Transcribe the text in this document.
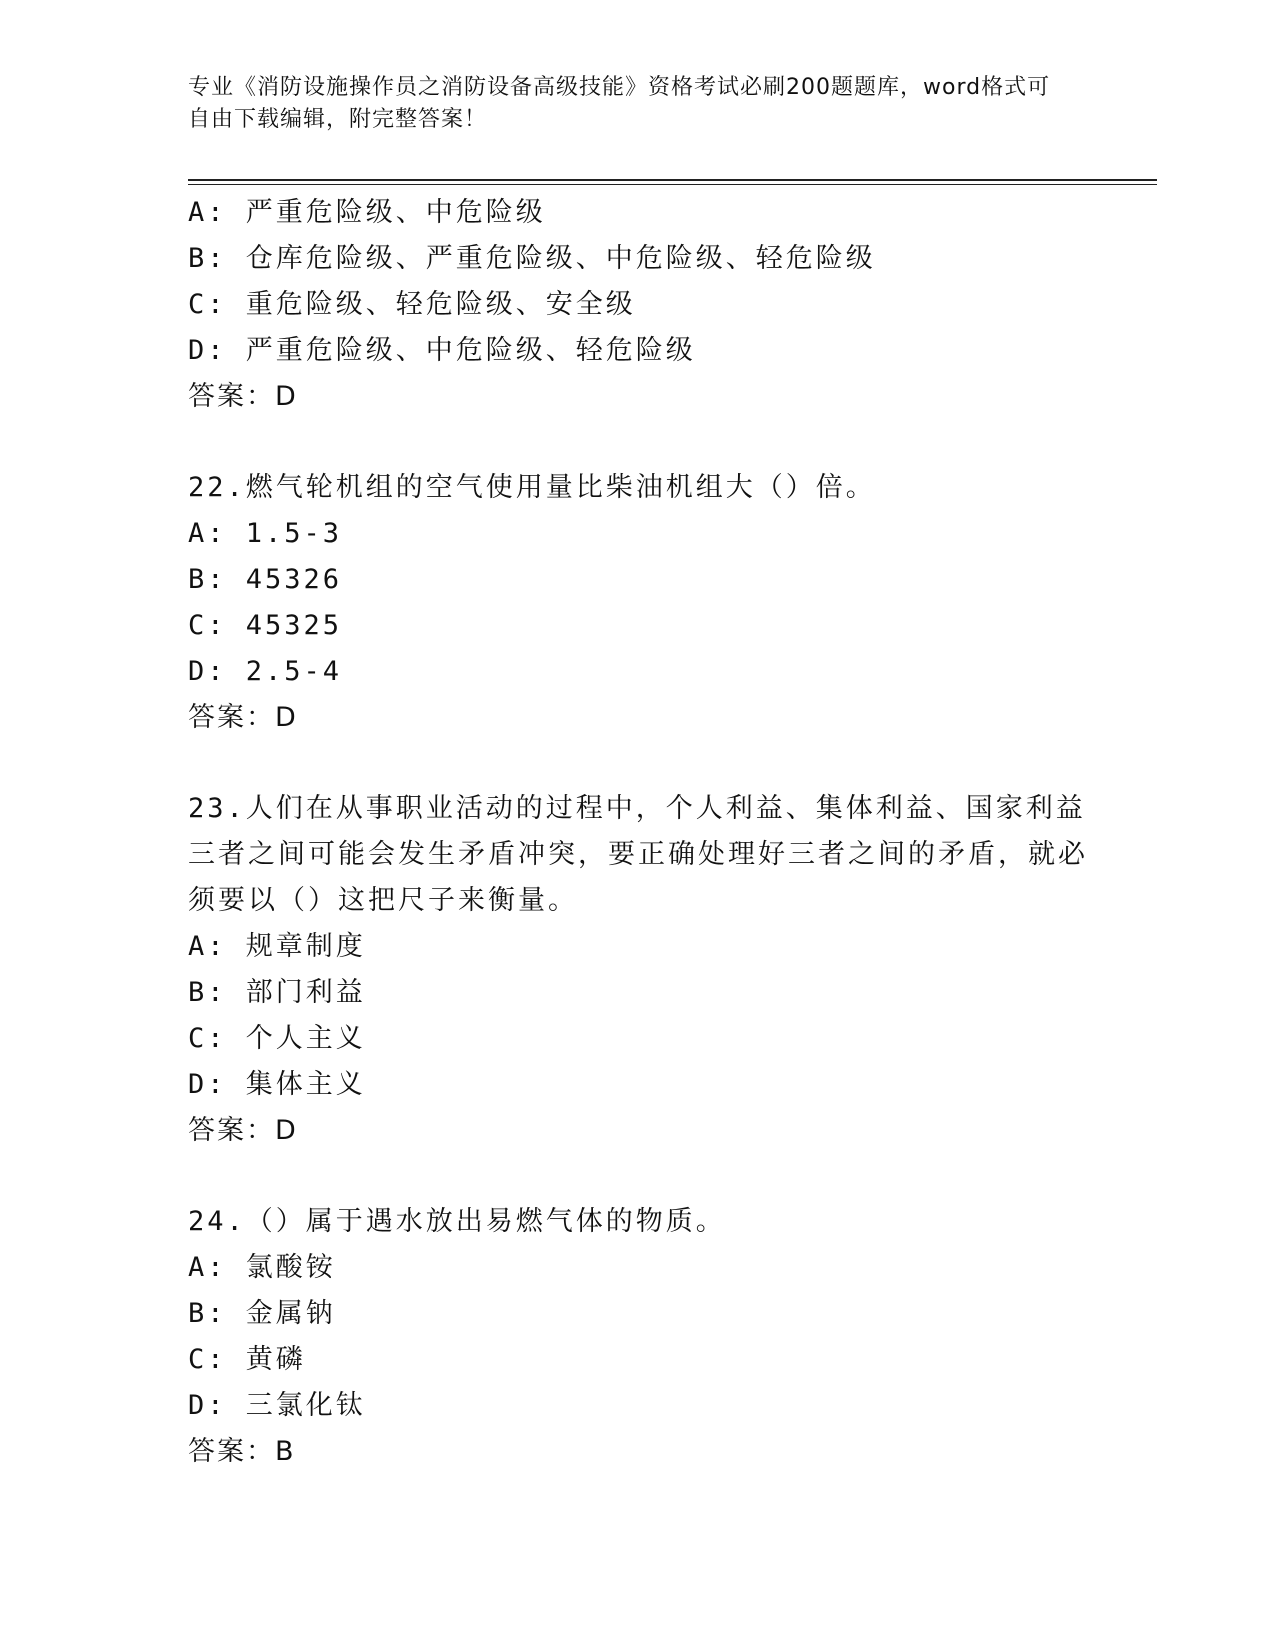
专业《消防设施操作员之消防设备高级技能》资格考试必刷200题题库，word格式可自由下载编辑，附完整答案！
A: 严重危险级、中危险级
B: 仓库危险级、严重危险级、中危险级、轻危险级
C: 重危险级、轻危险级、安全级
D: 严重危险级、中危险级、轻危险级
答案：D
22.燃气轮机组的空气使用量比柴油机组大（）倍。
A: 1.5-3
B: 45326
C: 45325
D: 2.5-4
答案：D
23.人们在从事职业活动的过程中，个人利益、集体利益、国家利益三者之间可能会发生矛盾冲突，要正确处理好三者之间的矛盾，就必须要以（）这把尺子来衡量。
A: 规章制度
B: 部门利益
C: 个人主义
D: 集体主义
答案：D
24.（）属于遇水放出易燃气体的物质。
A: 氯酸铵
B: 金属钠
C: 黄磷
D: 三氯化钛
答案：B
